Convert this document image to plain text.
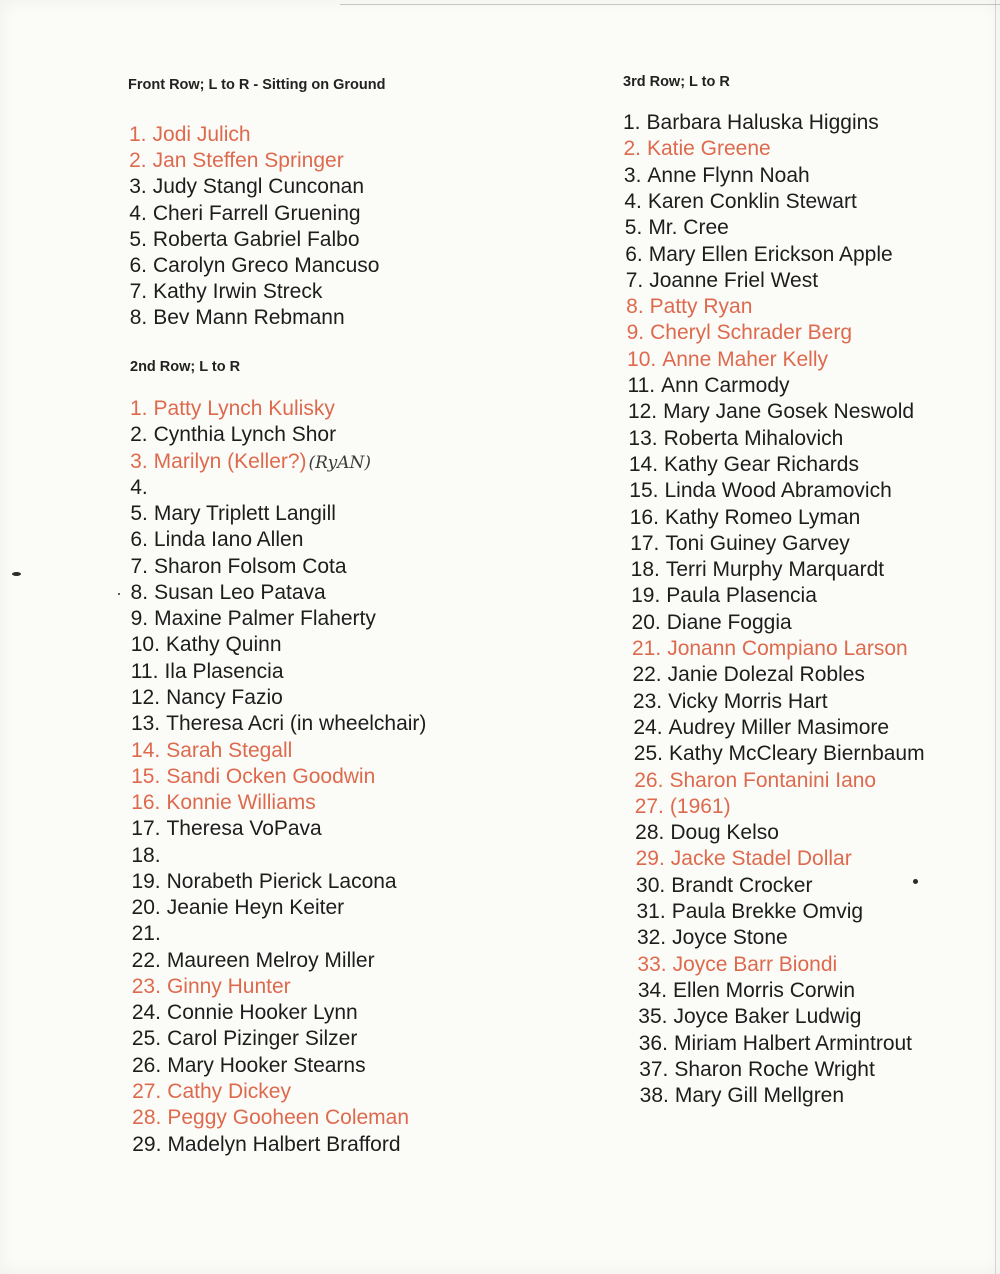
Front Row; L to R - Sitting on Ground
1. Jodi Julich
2. Jan Steffen Springer
3. Judy Stangl Cunconan
4. Cheri Farrell Gruening
5. Roberta Gabriel Falbo
6. Carolyn Greco Mancuso
7. Kathy Irwin Streck
8. Bev Mann Rebmann
2nd Row; L to R
1. Patty Lynch Kulisky
2. Cynthia Lynch Shor
3. Marilyn (Keller?) (RyAN)
4.
5. Mary Triplett Langill
6. Linda Iano Allen
7. Sharon Folsom Cota
8. Susan Leo Patava
9. Maxine Palmer Flaherty
10. Kathy Quinn
11. Ila Plasencia
12. Nancy Fazio
13. Theresa Acri (in wheelchair)
14. Sarah Stegall
15. Sandi Ocken Goodwin
16. Konnie Williams
17. Theresa VoPava
18.
19. Norabeth Pierick Lacona
20. Jeanie Heyn Keiter
21.
22. Maureen Melroy Miller
23. Ginny Hunter
24. Connie Hooker Lynn
25. Carol Pizinger Silzer
26. Mary Hooker Stearns
27. Cathy Dickey
28. Peggy Gooheen Coleman
29. Madelyn Halbert Brafford
3rd Row; L to R
1. Barbara Haluska Higgins
2. Katie Greene
3. Anne Flynn Noah
4. Karen Conklin Stewart
5. Mr. Cree
6. Mary Ellen Erickson Apple
7. Joanne Friel West
8. Patty Ryan
9. Cheryl Schrader Berg
10. Anne Maher Kelly
11. Ann Carmody
12. Mary Jane Gosek Neswold
13. Roberta Mihalovich
14. Kathy Gear Richards
15. Linda Wood Abramovich
16. Kathy Romeo Lyman
17. Toni Guiney Garvey
18. Terri Murphy Marquardt
19. Paula Plasencia
20. Diane Foggia
21. Jonann Compiano Larson
22. Janie Dolezal Robles
23. Vicky Morris Hart
24. Audrey Miller Masimore
25. Kathy McCleary Biernbaum
26. Sharon Fontanini Iano
27. (1961)
28. Doug Kelso
29. Jacke Stadel Dollar
30. Brandt Crocker
31. Paula Brekke Omvig
32. Joyce Stone
33. Joyce Barr Biondi
34. Ellen Morris Corwin
35. Joyce Baker Ludwig
36. Miriam Halbert Armintrout
37. Sharon Roche Wright
38. Mary Gill Mellgren
